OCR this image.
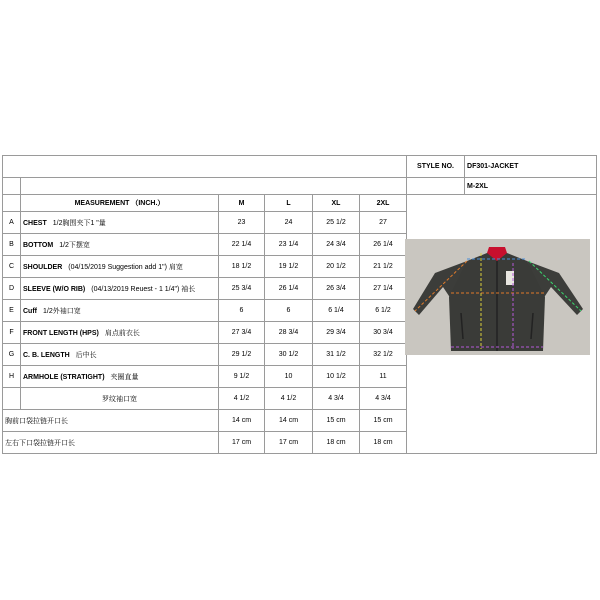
						STYLE NO.	DF301-JACKET
							M-2XL
	MEASUREMENT （INCH.）	M	L	XL	2XL		
A	CHEST 1/2胸围夹下1 "量	23	24	25 1/2	27		
B	BOTTOM 1/2下摆宽	22 1/4	23 1/4	24 3/4	26 1/4		
C	SHOULDER (04/15/2019 Suggestion add 1") 肩宽	18 1/2	19 1/2	20 1/2	21 1/2		
D	SLEEVE (W/O RIB) (04/13/2019 Reuest - 1 1/4") 袖长	25 3/4	26 1/4	26 3/4	27 1/4		
E	Cuff 1/2外袖口宽	6	6	6 1/4	6 1/2		
F	FRONT LENGTH (HPS) 肩点前衣长	27 3/4	28 3/4	29 3/4	30 3/4		
G	C. B. LENGTH 后中长	29 1/2	30 1/2	31 1/2	32 1/2		
H	ARMHOLE (STRATIGHT) 夹圈直量	9 1/2	10	10 1/2	11		
	罗纹袖口宽	4 1/2	4 1/2	4 3/4	4 3/4		
胸前口袋拉链开口长		14 cm	14 cm	15 cm	15 cm		
左右下口袋拉链开口长		17 cm	17 cm	18 cm	18 cm		
